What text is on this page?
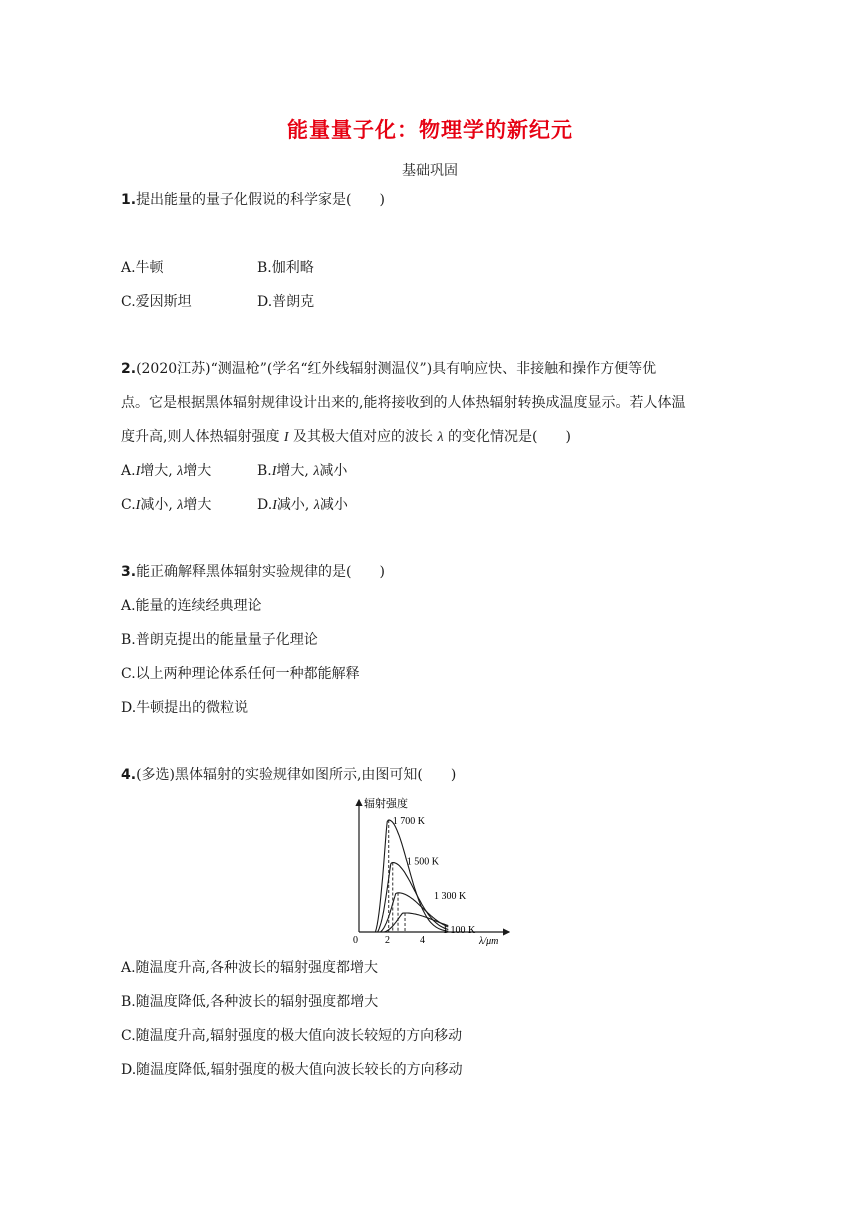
能量量子化：物理学的新纪元
基础巩固
1.提出能量的量子化假说的科学家是(　　)
A.牛顿	B.伽利略
C.爱因斯坦	D.普朗克
2.(2020江苏)“测温枪”(学名“红外线辐射测温仪”)具有响应快、非接触和操作方便等优
点。它是根据黑体辐射规律设计出来的,能将接收到的人体热辐射转换成温度显示。若人体温
度升高,则人体热辐射强度 I 及其极大值对应的波长 λ 的变化情况是(　　)
A.I增大, λ增大	B.I增大, λ减小
C.I减小, λ增大	D.I减小, λ减小
3.能正确解释黑体辐射实验规律的是(　　)
A.能量的连续经典理论
B.普朗克提出的能量量子化理论
C.以上两种理论体系任何一种都能解释
D.牛顿提出的微粒说
4.(多选)黑体辐射的实验规律如图所示,由图可知(　　)
辐射强度
λ/μm
0	2	4
1 700 K
1 500 K
1 300 K
1 100 K
A.随温度升高,各种波长的辐射强度都增大
B.随温度降低,各种波长的辐射强度都增大
C.随温度升高,辐射强度的极大值向波长较短的方向移动
D.随温度降低,辐射强度的极大值向波长较长的方向移动
